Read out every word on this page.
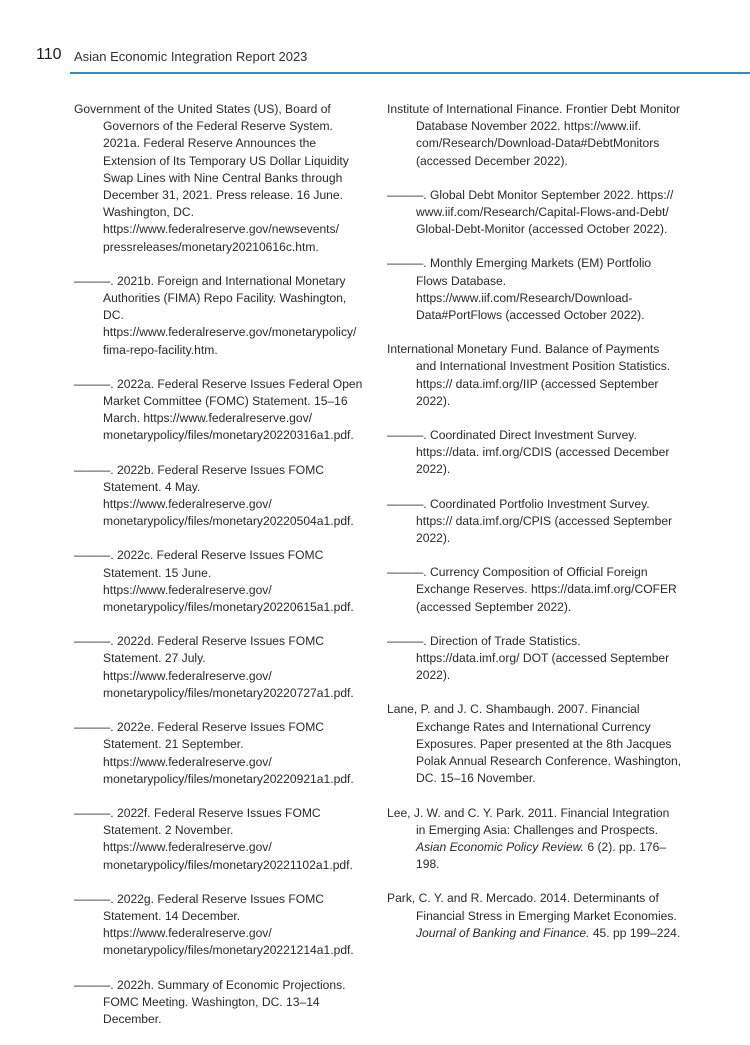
110 Asian Economic Integration Report 2023

Government of the United States (US), Board of Governors of the Federal Reserve System. 2021a. Federal Reserve Announces the Extension of Its Temporary US Dollar Liquidity Swap Lines with Nine Central Banks through December 31, 2021. Press release. 16 June. Washington, DC. https://www.federalreserve.gov/newsevents/ pressreleases/monetary20210616c.htm.

———. 2021b. Foreign and International Monetary Authorities (FIMA) Repo Facility. Washington, DC. https://www.federalreserve.gov/monetarypolicy/ fima-repo-facility.htm.

———. 2022a. Federal Reserve Issues Federal Open Market Committee (FOMC) Statement. 15–16 March. https://www.federalreserve.gov/ monetarypolicy/files/monetary20220316a1.pdf.

———. 2022b. Federal Reserve Issues FOMC Statement. 4 May. https://www.federalreserve.gov/ monetarypolicy/files/monetary20220504a1.pdf.

———. 2022c. Federal Reserve Issues FOMC Statement. 15 June. https://www.federalreserve.gov/ monetarypolicy/files/monetary20220615a1.pdf.

———. 2022d. Federal Reserve Issues FOMC Statement. 27 July. https://www.federalreserve.gov/ monetarypolicy/files/monetary20220727a1.pdf.

———. 2022e. Federal Reserve Issues FOMC Statement. 21 September. https://www.federalreserve.gov/ monetarypolicy/files/monetary20220921a1.pdf.

———. 2022f. Federal Reserve Issues FOMC Statement. 2 November. https://www.federalreserve.gov/ monetarypolicy/files/monetary20221102a1.pdf.

———. 2022g. Federal Reserve Issues FOMC Statement. 14 December. https://www.federalreserve.gov/ monetarypolicy/files/monetary20221214a1.pdf.

———. 2022h. Summary of Economic Projections. FOMC Meeting. Washington, DC. 13–14 December.

Institute of International Finance. Frontier Debt Monitor Database November 2022. https://www.iif. com/Research/Download-Data#DebtMonitors (accessed December 2022).

———. Global Debt Monitor September 2022. https:// www.iif.com/Research/Capital-Flows-and-Debt/ Global-Debt-Monitor (accessed October 2022).

———. Monthly Emerging Markets (EM) Portfolio Flows Database. https://www.iif.com/Research/Download-Data#PortFlows (accessed October 2022).

International Monetary Fund. Balance of Payments and International Investment Position Statistics. https:// data.imf.org/IIP (accessed September 2022).

———. Coordinated Direct Investment Survey. https://data. imf.org/CDIS (accessed December 2022).

———. Coordinated Portfolio Investment Survey. https:// data.imf.org/CPIS (accessed September 2022).

———. Currency Composition of Official Foreign Exchange Reserves. https://data.imf.org/COFER (accessed September 2022).

———. Direction of Trade Statistics. https://data.imf.org/ DOT (accessed September 2022).

Lane, P. and J. C. Shambaugh. 2007. Financial Exchange Rates and International Currency Exposures. Paper presented at the 8th Jacques Polak Annual Research Conference. Washington, DC. 15–16 November.

Lee, J. W. and C. Y. Park. 2011. Financial Integration in Emerging Asia: Challenges and Prospects. Asian Economic Policy Review. 6 (2). pp. 176–198.

Park, C. Y. and R. Mercado. 2014. Determinants of Financial Stress in Emerging Market Economies. Journal of Banking and Finance. 45. pp 199–224.
